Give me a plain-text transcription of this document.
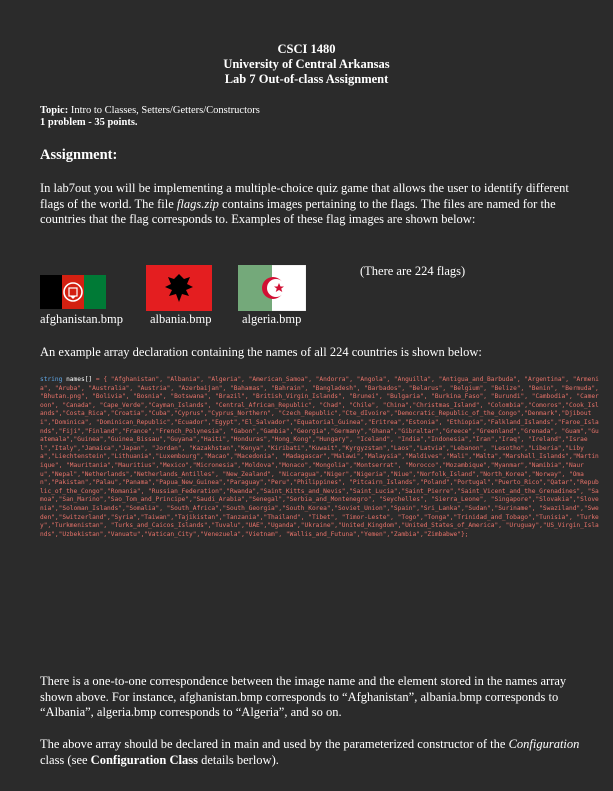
CSCI 1480
University of Central Arkansas
Lab 7 Out-of-class Assignment
Topic: Intro to Classes, Setters/Getters/Constructors
1 problem - 35 points.
Assignment:
In lab7out you will be implementing a multiple-choice quiz game that allows the user to identify different flags of the world. The file flags.zip contains images pertaining to the flags. The files are named for the countries that the flag corresponds to. Examples of these flag images are shown below:
afghanistan.bmp albania.bmp algeria.bmp
(There are 224 flags)
An example array declaration containing the names of all 224 countries is shown below:
string names[] = { "Afghanistan", "Albania", "Algeria", "American_Samoa", "Andorra", "Angola", "Anguilla", "Antigua_and_Barbuda", "Argentina", "Armenia", "Aruba", "Australia", "Austria", "Azerbaijan", "Bahamas", "Bahrain", "Bangladesh", "Barbados", "Belarus", "Belgium", "Belize", "Benin", "Bermuda", "Bhutan.png", "Bolivia", "Bosnia", "Botswana", "Brazil", "British_Virgin_Islands", "Brunei", "Bulgaria", "Burkina_Faso", "Burundi", "Cambodia", "Cameroon", "Canada", "Cape_Verde","Cayman_Islands", "Central_African_Republic", "Chad", "Chile", "China","Christmas_Island", "Colombia","Comoros","Cook_Islands","Costa_Rica","Croatia","Cuba","Cyprus","Cyprus_Northern", "Czech_Republic","Cte_dIvoire","Democratic_Republic_of_the_Congo","Denmark","Djibouti","Dominica", "Dominican_Republic","Ecuador","Egypt","El_Salvador","Equatorial_Guinea","Eritrea","Estonia", "Ethiopia","Falkland_Islands","Faroe_Islands","Fiji","Finland","France","French_Polynesia", "Gabon","Gambia","Georgia","Germany","Ghana","Gibraltar","Greece","Greenland","Grenada", "Guam","Guatemala","Guinea","Guinea_Bissau","Guyana","Haiti","Honduras","Hong_Kong","Hungary", "Iceland", "India","Indonesia","Iran","Iraq", "Ireland","Israel","Italy","Jamaica","Japan", "Jordan", "Kazakhstan","Kenya","Kiribati","Kuwait","Kyrgyzstan","Laos","Latvia","Lebanon", "Lesotho","Liberia","Libya","Liechtenstein","Lithuania","Luxembourg","Macao","Macedonia", "Madagascar","Malawi","Malaysia","Maldives","Mali","Malta","Marshall_Islands","Martinique", "Mauritania","Mauritius","Mexico","Micronesia","Moldova","Monaco","Mongolia","Montserrat", "Morocco","Mozambique","Myanmar","Namibia","Nauru","Nepal","Netherlands","Netherlands_Antilles", "New_Zealand", "Nicaragua","Niger","Nigeria","Niue","Norfolk_Island","North_Korea","Norway", "Oman","Pakistan","Palau","Panama","Papua_New_Guinea","Paraguay","Peru","Philippines", "Pitcairn_Islands","Poland","Portugal","Puerto_Rico","Qatar","Republic_of_the_Congo","Romania", "Russian_Federation","Rwanda","Saint_Kitts_and_Nevis","Saint_Lucia","Saint_Pierre","Saint_Vicent_and_the_Grenadines", "Samoa","San_Marino","Sao_Tom_and_Principe","Saudi_Arabia","Senegal","Serbia_and_Montenegro", "Seychelles", "Sierra_Leone", "Singapore","Slovakia","Slovenia","Soloman_Islands","Somalia", "South_Africa","South_Georgia","South_Korea","Soviet_Union","Spain","Sri_Lanka","Sudan","Suriname", "Swaziland","Sweden","Switzerland","Syria","Taiwan","Tajikistan","Tanzania","Thailand", "Tibet", "Timor-Leste", "Togo","Tonga","Trinidad_and_Tobago","Tunisia", "Turkey","Turkmenistan", "Turks_and_Caicos_Islands","Tuvalu","UAE","Uganda","Ukraine","United_Kingdom","United_States_of_America", "Uruguay","US_Virgin_Islands","Uzbekistan","Vanuatu","Vatican_City","Venezuela","Vietnam", "Wallis_and_Futuna","Yemen","Zambia","Zimbabwe"};
There is a one-to-one correspondence between the image name and the element stored in the names array shown above. For instance, afghanistan.bmp corresponds to “Afghanistan”, albania.bmp corresponds to “Albania”, algeria.bmp corresponds to “Algeria”, and so on.
The above array should be declared in main and used by the parameterized constructor of the Configuration class (see Configuration Class details berlow).
